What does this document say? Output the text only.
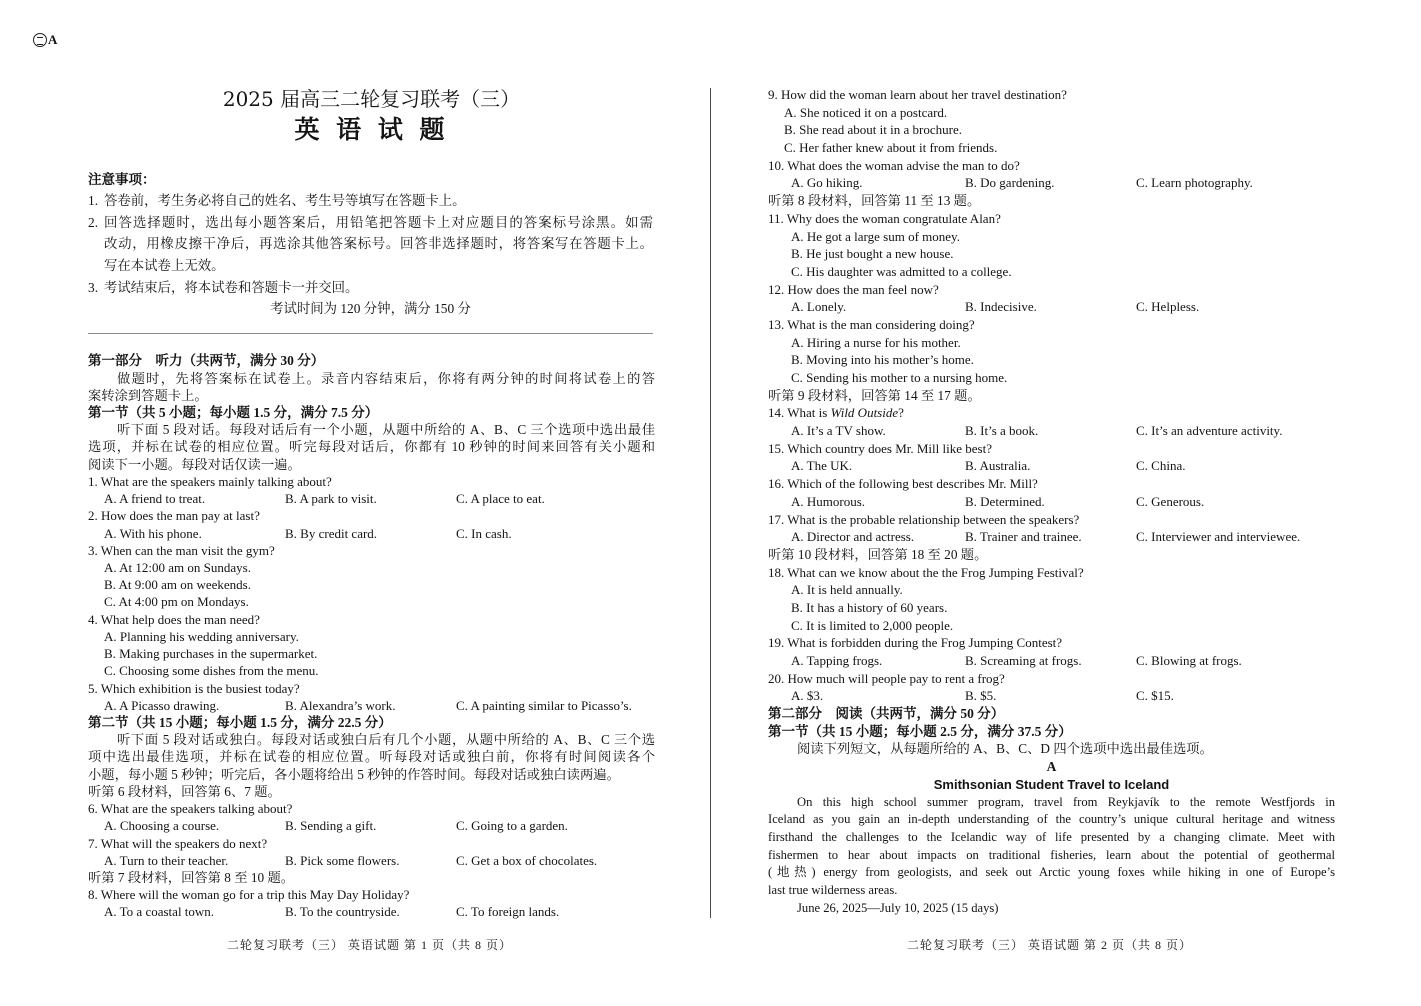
A
2025 届高三二轮复习联考（三）
英 语 试 题
注意事项：
1. 答卷前，考生务必将自己的姓名、考生号等填写在答题卡上。
2. 回答选择题时，选出每小题答案后，用铅笔把答题卡上对应题目的答案标号涂黑。如需
改动，用橡皮擦干净后，再选涂其他答案标号。回答非选择题时，将答案写在答题卡上。
写在本试卷上无效。
3. 考试结束后，将本试卷和答题卡一并交回。
考试时间为 120 分钟，满分 150 分
第一部分　听力（共两节，满分 30 分）
做题时，先将答案标在试卷上。录音内容结束后，你将有两分钟的时间将试卷上的答
案转涂到答题卡上。
第一节（共 5 小题；每小题 1.5 分，满分 7.5 分）
听下面 5 段对话。每段对话后有一个小题，从题中所给的 A、B、C 三个选项中选出最佳
选项，并标在试卷的相应位置。听完每段对话后，你都有 10 秒钟的时间来回答有关小题和
阅读下一小题。每段对话仅读一遍。
1. What are the speakers mainly talking about?
A. A friend to treat.	B. A park to visit.	C. A place to eat.
2. How does the man pay at last?
A. With his phone.	B. By credit card.	C. In cash.
3. When can the man visit the gym?
A. At 12:00 am on Sundays.
B. At 9:00 am on weekends.
C. At 4:00 pm on Mondays.
4. What help does the man need?
A. Planning his wedding anniversary.
B. Making purchases in the supermarket.
C. Choosing some dishes from the menu.
5. Which exhibition is the busiest today?
A. A Picasso drawing.	B. Alexandra’s work.	C. A painting similar to Picasso’s.
第二节（共 15 小题；每小题 1.5 分，满分 22.5 分）
听下面 5 段对话或独白。每段对话或独白后有几个小题，从题中所给的 A、B、C 三个选
项中选出最佳选项，并标在试卷的相应位置。听每段对话或独白前，你将有时间阅读各个
小题，每小题 5 秒钟；听完后，各小题将给出 5 秒钟的作答时间。每段对话或独白读两遍。
听第 6 段材料，回答第 6、7 题。
6. What are the speakers talking about?
A. Choosing a course.	B. Sending a gift.	C. Going to a garden.
7. What will the speakers do next?
A. Turn to their teacher.	B. Pick some flowers.	C. Get a box of chocolates.
听第 7 段材料，回答第 8 至 10 题。
8. Where will the woman go for a trip this May Day Holiday?
A. To a coastal town.	B. To the countryside.	C. To foreign lands.
9. How did the woman learn about her travel destination?
A. She noticed it on a postcard.
B. She read about it in a brochure.
C. Her father knew about it from friends.
10. What does the woman advise the man to do?
A. Go hiking.	B. Do gardening.	C. Learn photography.
听第 8 段材料，回答第 11 至 13 题。
11. Why does the woman congratulate Alan?
A. He got a large sum of money.
B. He just bought a new house.
C. His daughter was admitted to a college.
12. How does the man feel now?
A. Lonely.	B. Indecisive.	C. Helpless.
13. What is the man considering doing?
A. Hiring a nurse for his mother.
B. Moving into his mother’s home.
C. Sending his mother to a nursing home.
听第 9 段材料，回答第 14 至 17 题。
14. What is Wild Outside?
A. It’s a TV show.	B. It’s a book.	C. It’s an adventure activity.
15. Which country does Mr. Mill like best?
A. The UK.	B. Australia.	C. China.
16. Which of the following best describes Mr. Mill?
A. Humorous.	B. Determined.	C. Generous.
17. What is the probable relationship between the speakers?
A. Director and actress.	B. Trainer and trainee.	C. Interviewer and interviewee.
听第 10 段材料，回答第 18 至 20 题。
18. What can we know about the the Frog Jumping Festival?
A. It is held annually.
B. It has a history of 60 years.
C. It is limited to 2,000 people.
19. What is forbidden during the Frog Jumping Contest?
A. Tapping frogs.	B. Screaming at frogs.	C. Blowing at frogs.
20. How much will people pay to rent a frog?
A. $3.	B. $5.	C. $15.
第二部分　阅读（共两节，满分 50 分）
第一节（共 15 小题；每小题 2.5 分，满分 37.5 分）
阅读下列短文，从每题所给的 A、B、C、D 四个选项中选出最佳选项。
A
Smithsonian Student Travel to Iceland
On this high school summer program, travel from Reykjavík to the remote Westfjords in
Iceland as you gain an in-depth understanding of the country’s unique cultural heritage and witness
firsthand the challenges to the Icelandic way of life presented by a changing climate. Meet with
fishermen to hear about impacts on traditional fisheries, learn about the potential of geothermal
(地热) energy from geologists, and seek out Arctic young foxes while hiking in one of Europe’s
last true wilderness areas.
June 26, 2025—July 10, 2025 (15 days)
二轮复习联考（三） 英语试题 第 1 页（共 8 页）	二轮复习联考（三） 英语试题 第 2 页（共 8 页）
